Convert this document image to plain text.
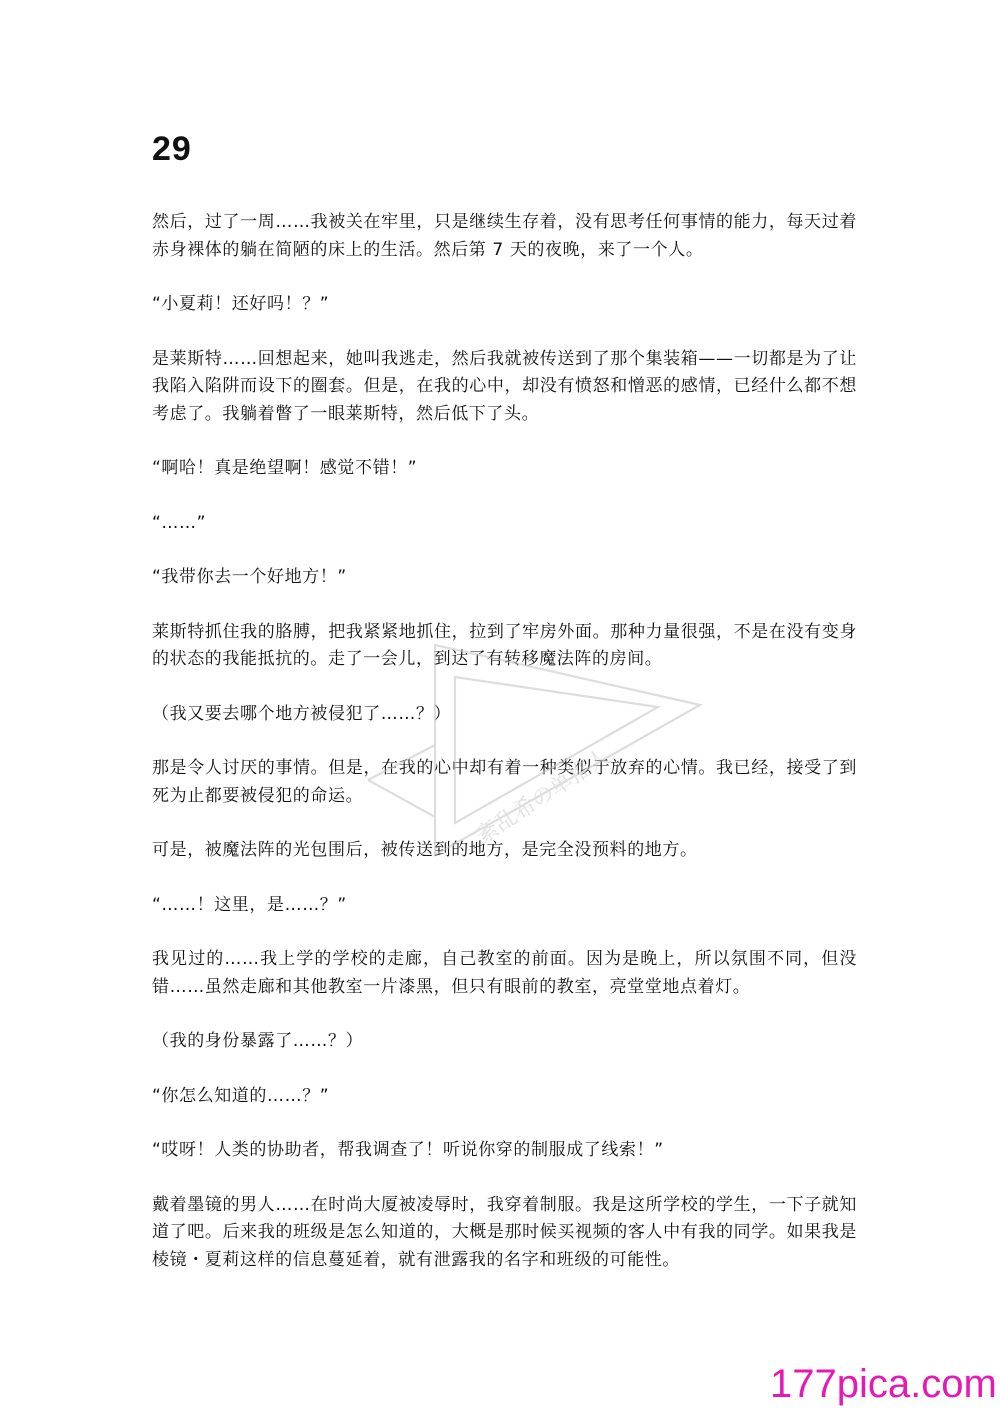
29

然后，过了一周……我被关在牢里，只是继续生存着，没有思考任何事情的能力，每天过着赤身裸体的躺在简陋的床上的生活。然后第 7 天的夜晚，来了一个人。

“小夏莉！还好吗！？”

是莱斯特……回想起来，她叫我逃走，然后我就被传送到了那个集装箱——一切都是为了让我陷入陷阱而设下的圈套。但是，在我的心中，却没有愤怒和憎恶的感情，已经什么都不想考虑了。我躺着瞥了一眼莱斯特，然后低下了头。

“啊哈！真是绝望啊！感觉不错！”

“……”

“我带你去一个好地方！”

莱斯特抓住我的胳膊，把我紧紧地抓住，拉到了牢房外面。那种力量很强，不是在没有变身的状态的我能抵抗的。走了一会儿，到达了有转移魔法阵的房间。

（我又要去哪个地方被侵犯了……？）

那是令人讨厌的事情。但是，在我的心中却有着一种类似于放弃的心情。我已经，接受了到死为止都要被侵犯的命运。

可是，被魔法阵的光包围后，被传送到的地方，是完全没预料的地方。

“……！这里，是……？”

我见过的……我上学的学校的走廊，自己教室的前面。因为是晚上，所以氛围不同，但没错……虽然走廊和其他教室一片漆黑，但只有眼前的教室，亮堂堂地点着灯。

（我的身份暴露了……？）

“你怎么知道的……？”

“哎呀！人类的协助者，帮我调查了！听说你穿的制服成了线索！”

戴着墨镜的男人……在时尚大厦被凌辱时，我穿着制服。我是这所学校的学生，一下子就知道了吧。后来我的班级是怎么知道的，大概是那时候买视频的客人中有我的同学。如果我是棱镜・夏莉这样的信息蔓延着，就有泄露我的名字和班级的可能性。

紊乱希の单推人
177pica.com
